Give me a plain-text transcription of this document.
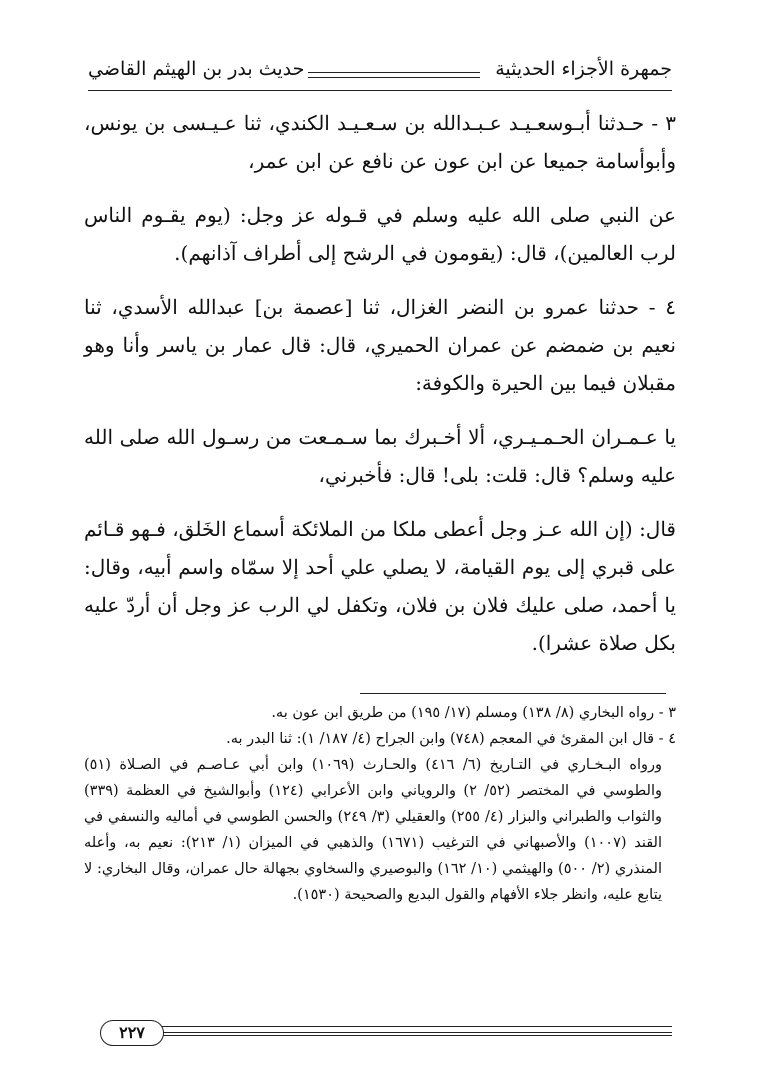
جمهرة الأجزاء الحديثية
حديث بدر بن الهيثم القاضي

٣ - حـدثنا أبـوسعـيـد عـبـدالله بن سـعـيـد الكندي، ثنا عـيـسى بن يونس، وأبوأسامة جميعا عن ابن عون عن نافع عن ابن عمر،

عن النبي صلى الله عليه وسلم في قـوله عز وجل: (يوم يقـوم الناس لرب العالمين)، قال: (يقومون في الرشح إلى أطراف آذانهم).

٤ - حدثنا عمرو بن النضر الغزال، ثنا [عصمة بن] عبدالله الأسدي، ثنا نعيم بن ضمضم عن عمران الحميري، قال: قال عمار بن ياسر وأنا وهو مقبلان فيما بين الحيرة والكوفة:

يا عـمـران الحـمـيـري، ألا أخـبرك بما سـمـعت من رسـول الله صلى الله عليه وسلم؟ قال: قلت: بلى! قال: فأخبرني،

قال: (إن الله عـز وجل أعطى ملكا من الملائكة أسماع الخَلق، فـهو قـائم على قبري إلى يوم القيامة، لا يصلي علي أحد إلا سمّاه واسم أبيه، وقال: يا أحمد، صلى عليك فلان بن فلان، وتكفل لي الرب عز وجل أن أردّ عليه بكل صلاة عشرا).

٣ - رواه البخاري (٨/ ١٣٨) ومسلم (١٧/ ١٩٥) من طريق ابن عون به.

٤ - قال ابن المقرئ في المعجم (٧٤٨) وابن الجراح (٤/ ١٨٧/ ١): ثنا البدر به.

ورواه البـخـاري في التـاريخ (٦/ ٤١٦) والحـارث (١٠٦٩) وابن أبي عـاصـم في الصـلاة (٥١) والطوسي في المختصر (٥٢/ ٢) والروياني وابن الأعرابي (١٢٤) وأبوالشيخ في العظمة (٣٣٩) والثواب والطبراني والبزار (٤/ ٢٥٥) والعقيلي (٣/ ٢٤٩) والحسن الطوسي في أماليه والنسفي في القند (١٠٠٧) والأصبهاني في الترغيب (١٦٧١) والذهبي في الميزان (١/ ٢١٣): نعيم به، وأعله المنذري (٢/ ٥٠٠) والهيثمي (١٠/ ١٦٢) والبوصيري والسخاوي بجهالة حال عمران، وقال البخاري: لا يتابع عليه، وانظر جلاء الأفهام والقول البديع والصحيحة (١٥٣٠).

٢٢٧
